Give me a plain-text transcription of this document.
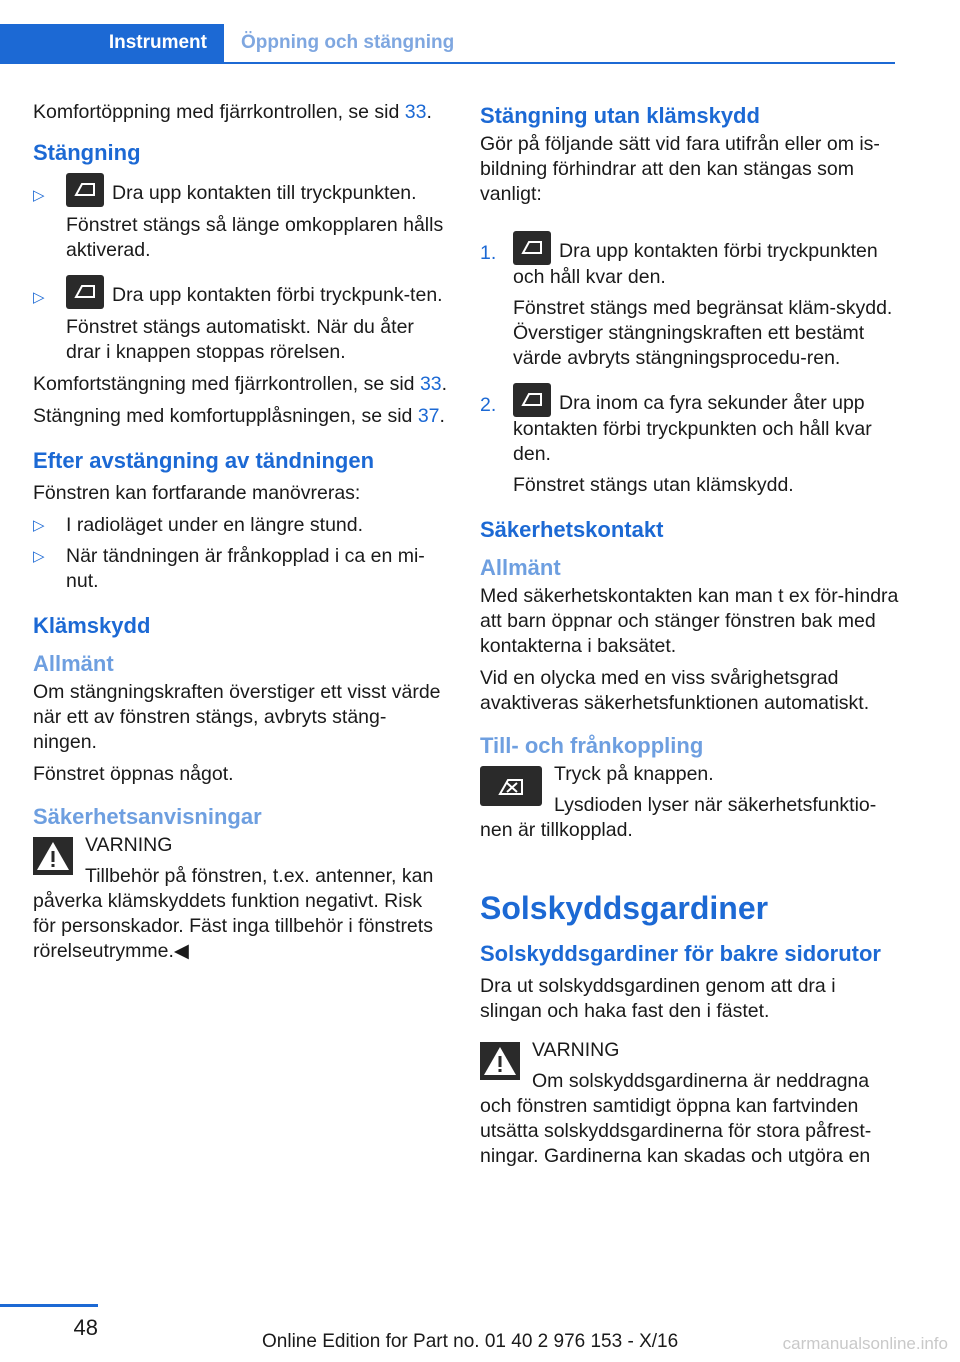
Instrument	Öppning och stängning

Komfortöppning med fjärrkontrollen, se sid 33.

Stängning
▷	Dra upp kontakten till tryckpunkten.

Fönstret stängs så länge omkopplaren hålls aktiverad.

▷	Dra upp kontakten förbi tryckpunk‐ten.

Fönstret stängs automatiskt. När du åter drar i knappen stoppas rörelsen.

Komfortstängning med fjärrkontrollen, se sid 33.

Stängning med komfortupplåsningen, se sid 37.

Efter avstängning av tändningen

Fönstren kan fortfarande manövreras:

▷ I radioläget under en längre stund.

▷ När tändningen är frånkopplad i ca en mi‐nut.

Klämskydd
Allmänt

Om stängningskraften överstiger ett visst värde när ett av fönstren stängs, avbryts stäng‐ningen.

Fönstret öppnas något.

Säkerhetsanvisningar

VARNING

Tillbehör på fönstren, t.ex. antenner, kan påverka klämskyddets funktion negativt. Risk för personskador. Fäst inga tillbehör i fönstrets rörelseutrymme.◀

Stängning utan klämskydd

Gör på följande sätt vid fara utifrån eller om is‐bildning förhindrar att den kan stängas som vanligt:

1.	Dra upp kontakten förbi tryckpunkten och håll kvar den.

Fönstret stängs med begränsat kläm‐skydd. Överstiger stängningskraften ett bestämt värde avbryts stängningsprocedu‐ren.

2.	Dra inom ca fyra sekunder åter upp kontakten förbi tryckpunkten och håll kvar den.

Fönstret stängs utan klämskydd.

Säkerhetskontakt
Allmänt

Med säkerhetskontakten kan man t ex för‐hindra att barn öppnar och stänger fönstren bak med kontakterna i baksätet.

Vid en olycka med en viss svårighetsgrad avaktiveras säkerhetsfunktionen automatiskt.

Till- och frånkoppling

Tryck på knappen.

Lysdioden lyser när säkerhetsfunktio‐nen är tillkopplad.

Solskyddsgardiner
Solskyddsgardiner för bakre sidorutor

Dra ut solskyddsgardinen genom att dra i slingan och haka fast den i fästet.

VARNING

Om solskyddsgardinerna är neddragna och fönstren samtidigt öppna kan fartvinden utsätta solskyddsgardinerna för stora påfrest‐ningar. Gardinerna kan skadas och utgöra en

48
Online Edition for Part no. 01 40 2 976 153 - X/16	carmanualsonline.info
